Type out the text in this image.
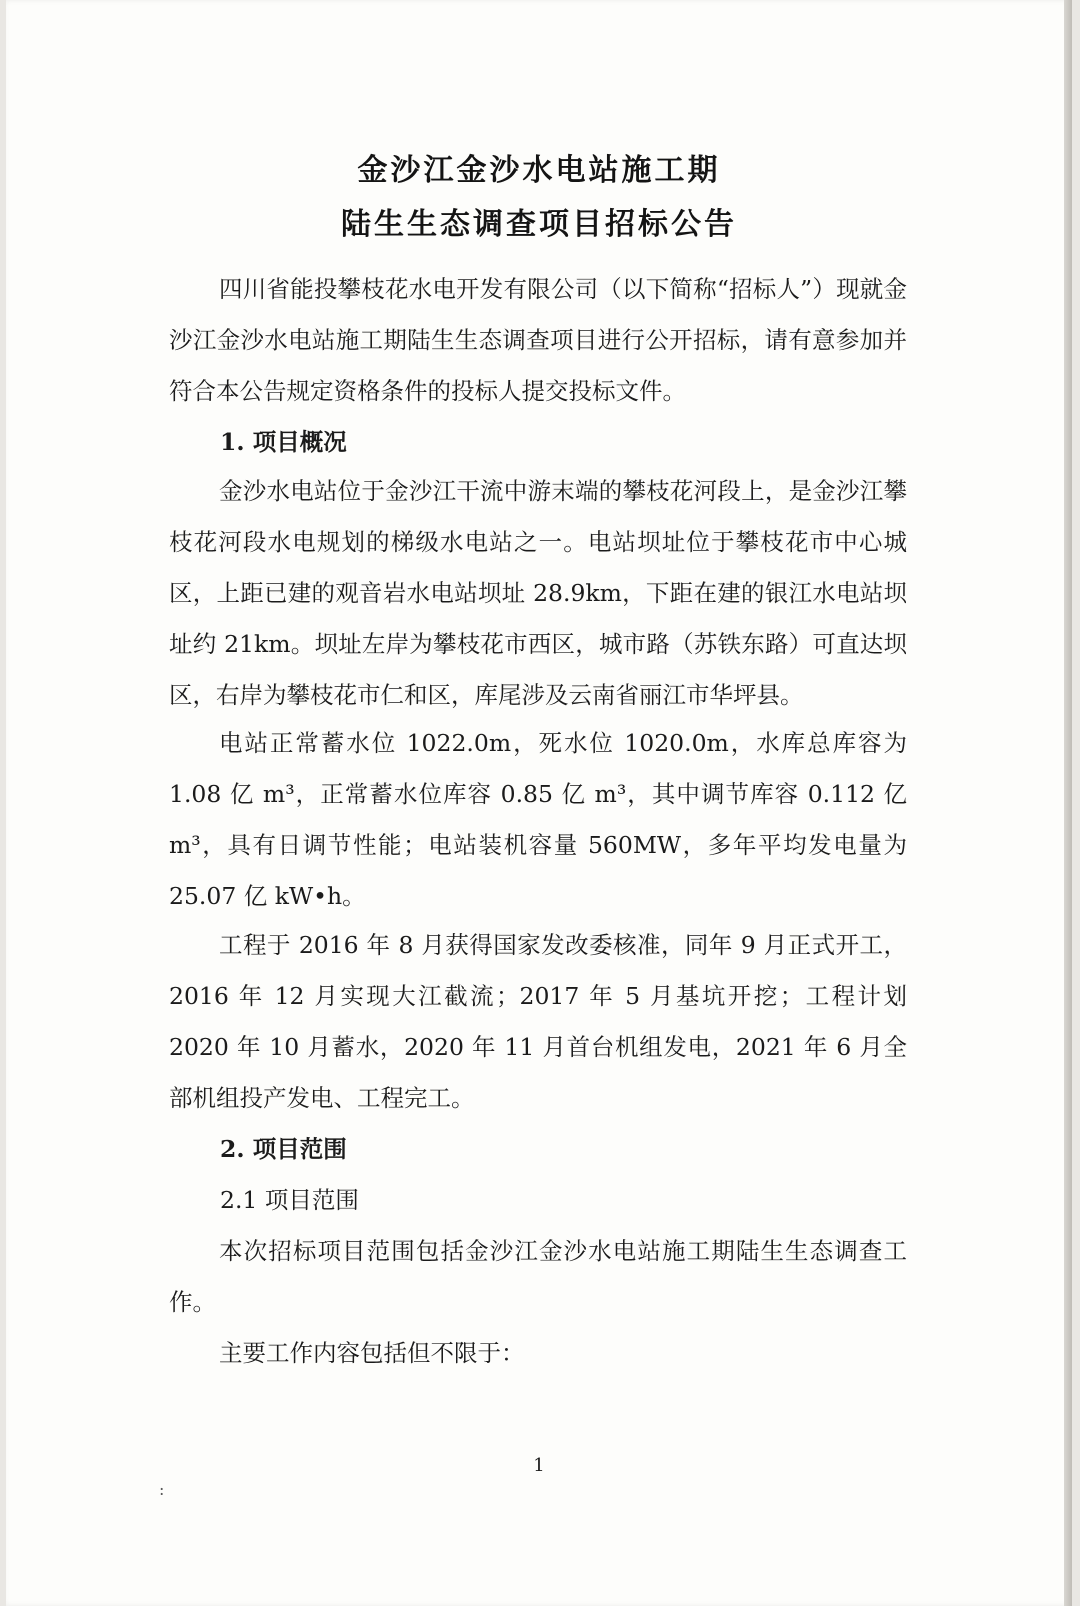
金沙江金沙水电站施工期
陆生生态调查项目招标公告

四川省能投攀枝花水电开发有限公司（以下简称“招标人”）现就金沙江金沙水电站施工期陆生生态调查项目进行公开招标，请有意参加并符合本公告规定资格条件的投标人提交投标文件。

1. 项目概况

金沙水电站位于金沙江干流中游末端的攀枝花河段上，是金沙江攀枝花河段水电规划的梯级水电站之一。电站坝址位于攀枝花市中心城区，上距已建的观音岩水电站坝址 28.9km，下距在建的银江水电站坝址约 21km。坝址左岸为攀枝花市西区，城市路（苏铁东路）可直达坝区，右岸为攀枝花市仁和区，库尾涉及云南省丽江市华坪县。

电站正常蓄水位 1022.0m，死水位 1020.0m，水库总库容为 1.08 亿 m³，正常蓄水位库容 0.85 亿 m³，其中调节库容 0.112 亿 m³，具有日调节性能；电站装机容量 560MW，多年平均发电量为 25.07 亿 kW•h。

工程于 2016 年 8 月获得国家发改委核准，同年 9 月正式开工，2016 年 12 月实现大江截流；2017 年 5 月基坑开挖；工程计划 2020 年 10 月蓄水，2020 年 11 月首台机组发电，2021 年 6 月全部机组投产发电、工程完工。

2. 项目范围

2.1 项目范围

本次招标项目范围包括金沙江金沙水电站施工期陆生生态调查工作。

主要工作内容包括但不限于：

1
:
